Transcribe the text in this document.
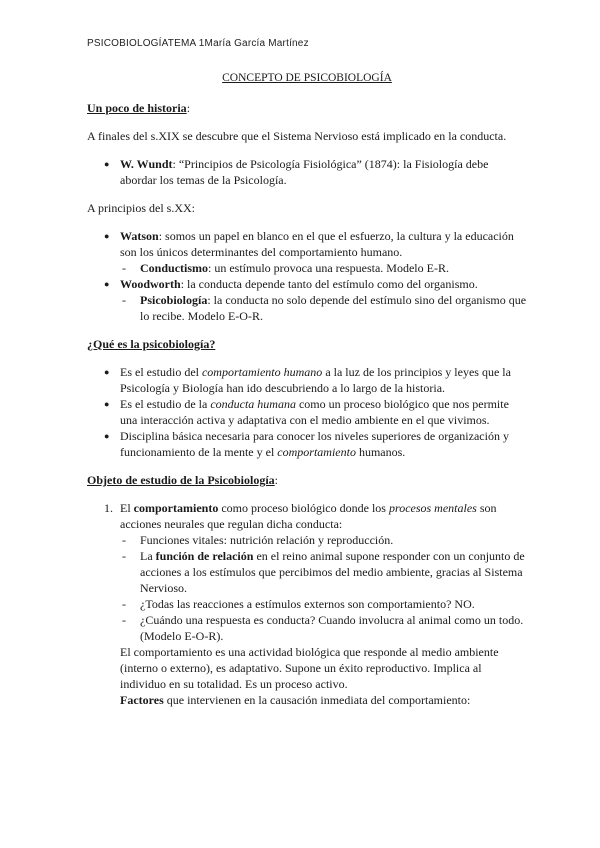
PSICOBIOLOGÍATEMA 1María García Martínez
CONCEPTO DE PSICOBIOLOGÍA
Un poco de historia:

A finales del s.XIX se descubre que el Sistema Nervioso está implicado en la conducta.

● W. Wundt: “Principios de Psicología Fisiológica” (1874): la Fisiología debe abordar los temas de la Psicología.

A principios del s.XX:

● Watson: somos un papel en blanco en el que el esfuerzo, la cultura y la educación son los únicos determinantes del comportamiento humano.
- Conductismo: un estímulo provoca una respuesta. Modelo E-R.
● Woodworth: la conducta depende tanto del estímulo como del organismo.
- Psicobiología: la conducta no solo depende del estímulo sino del organismo que lo recibe. Modelo E-O-R.
¿Qué es la psicobiología?
● Es el estudio del comportamiento humano a la luz de los principios y leyes que la Psicología y Biología han ido descubriendo a lo largo de la historia.
● Es el estudio de la conducta humana como un proceso biológico que nos permite una interacción activa y adaptativa con el medio ambiente en el que vivimos.
● Disciplina básica necesaria para conocer los niveles superiores de organización y funcionamiento de la mente y el comportamiento humanos.
Objeto de estudio de la Psicobiología:
1. El comportamiento como proceso biológico donde los procesos mentales son acciones neurales que regulan dicha conducta:
- Funciones vitales: nutrición relación y reproducción.
- La función de relación en el reino animal supone responder con un conjunto de acciones a los estímulos que percibimos del medio ambiente, gracias al Sistema Nervioso.
- ¿Todas las reacciones a estímulos externos son comportamiento? NO.
- ¿Cuándo una respuesta es conducta? Cuando involucra al animal como un todo. (Modelo E-O-R).

El comportamiento es una actividad biológica que responde al medio ambiente (interno o externo), es adaptativo. Supone un éxito reproductivo. Implica al individuo en su totalidad. Es un proceso activo.

Factores que intervienen en la causación inmediata del comportamiento:
